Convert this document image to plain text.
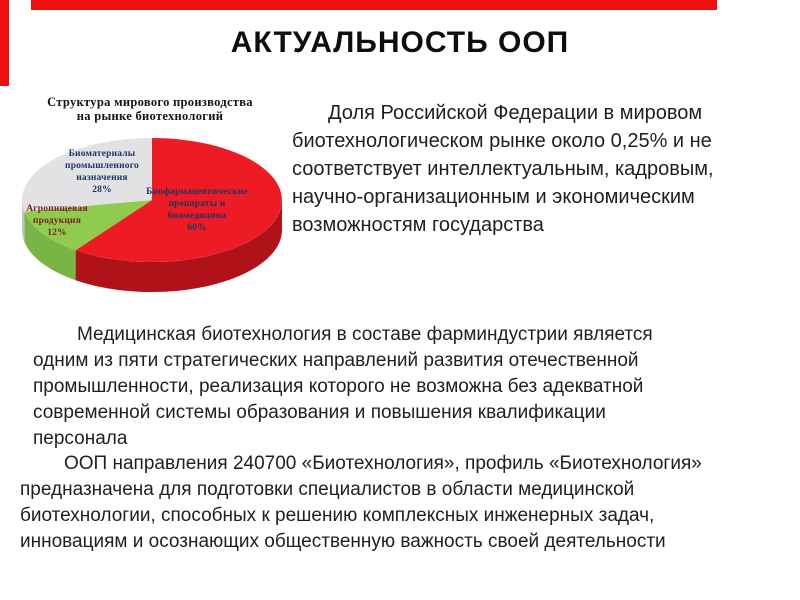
АКТУАЛЬНОСТЬ ООП
Структура мирового производства
на рынке биотехнологий
Биоматериалы
промышленного
назначения
28%
Агропищевая
продукция
12%
Биофармацевтические
препараты и
биомедицина
60%

Доля Российской Федерации в мировом биотехнологическом рынке около 0,25% и не соответствует интеллектуальным, кадровым, научно-организационным и экономическим возможностям государства

Медицинская биотехнология в составе фарминдустрии является одним из пяти стратегических направлений развития отечественной промышленности, реализация которого не возможна без адекватной современной системы образования и повышения квалификации персонала

ООП направления 240700 «Биотехнология», профиль «Биотехнология» предназначена для подготовки специалистов в области медицинской биотехнологии, способных к решению комплексных инженерных задач, инновациям и осознающих общественную важность своей деятельности
